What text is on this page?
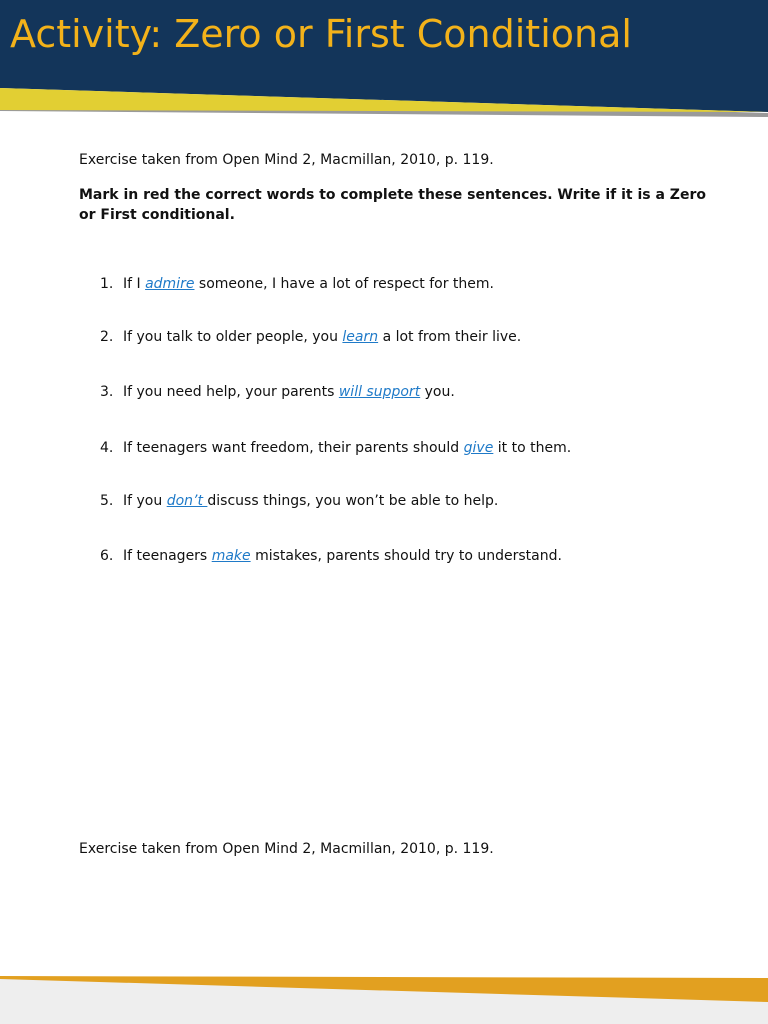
Activity: Zero or First Conditional
Exercise taken from Open Mind 2, Macmillan, 2010, p. 119.

Mark in red the correct words to complete these sentences. Write if it is a Zero or First conditional.

1. If I admire someone, I have a lot of respect for them.
2. If you talk to older people, you learn a lot from their live.
3. If you need help, your parents will support you.
4. If teenagers want freedom, their parents should give it to them.
5. If you don’t discuss things, you won’t be able to help.
6. If teenagers make mistakes, parents should try to understand.
Exercise taken from Open Mind 2, Macmillan, 2010, p. 119.
